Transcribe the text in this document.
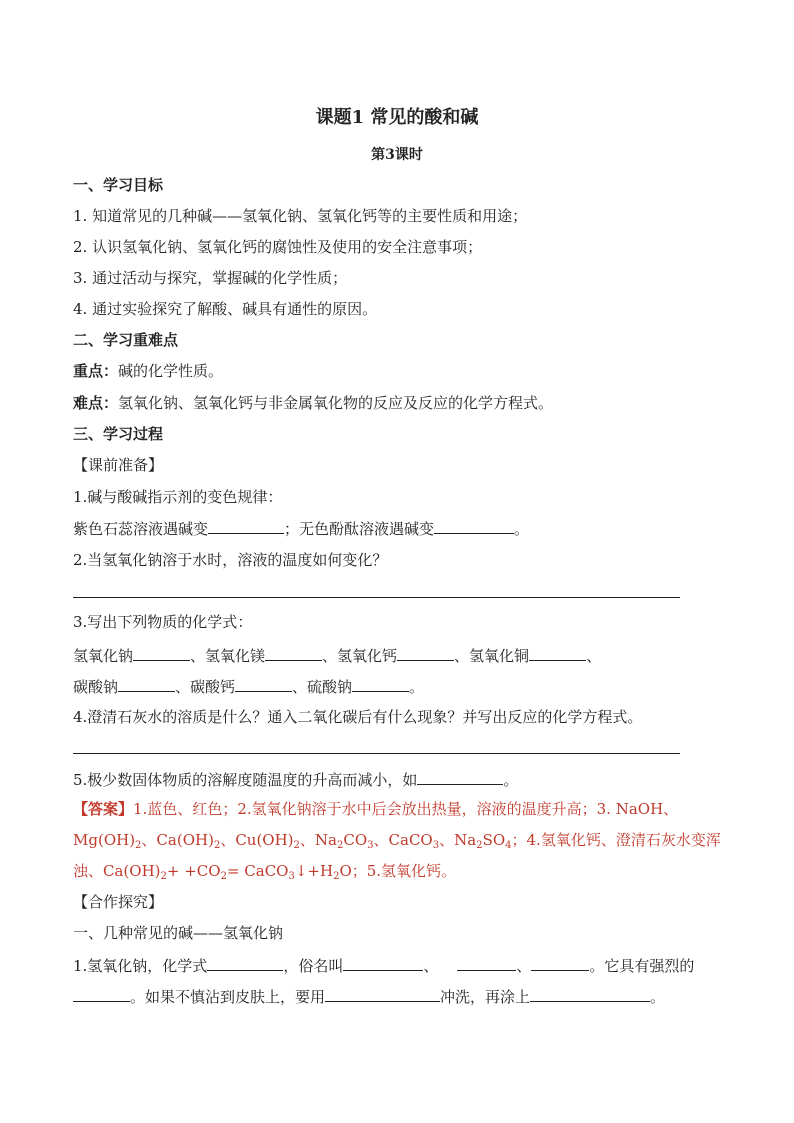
课题1 常见的酸和碱
第3课时
一、学习目标
1. 知道常见的几种碱——氢氧化钠、氢氧化钙等的主要性质和用途；
2. 认识氢氧化钠、氢氧化钙的腐蚀性及使用的安全注意事项；
3. 通过活动与探究，掌握碱的化学性质；
4. 通过实验探究了解酸、碱具有通性的原因。
二、学习重难点
重点：碱的化学性质。
难点：氢氧化钠、氢氧化钙与非金属氧化物的反应及反应的化学方程式。
三、学习过程
【课前准备】
1.碱与酸碱指示剂的变色规律：
紫色石蕊溶液遇碱变	；无色酚酞溶液遇碱变	。
2.当氢氧化钠溶于水时，溶液的温度如何变化？
3.写出下列物质的化学式：
氢氧化钠	、氢氧化镁	、氢氧化钙	、氢氧化铜	、
碳酸钠	、碳酸钙	、硫酸钠	。
4.澄清石灰水的溶质是什么？通入二氧化碳后有什么现象？并写出反应的化学方程式。
5.极少数固体物质的溶解度随温度的升高而减小，如	。
【答案】1.蓝色、红色；2.氢氧化钠溶于水中后会放出热量，溶液的温度升高；3. NaOH、
$Mg(OH)_2$、$Ca(OH)_2$、$Cu(OH)_2$、$Na_2CO_3$、CaCO$_3$、$Na_2SO_4$；4.氢氧化钙、澄清石灰水变浑
浊、$Ca(OH)_2+ +CO_2=$ $CaCO_3↓+H_2O$；5.氢氧化钙。
【合作探究】
一、几种常见的碱——氢氧化钠
1.氢氧化钠，化学式	，俗名叫	、	、	。它具有强烈的
。如果不慎沾到皮肤上，要用	冲洗，再涂上	。
